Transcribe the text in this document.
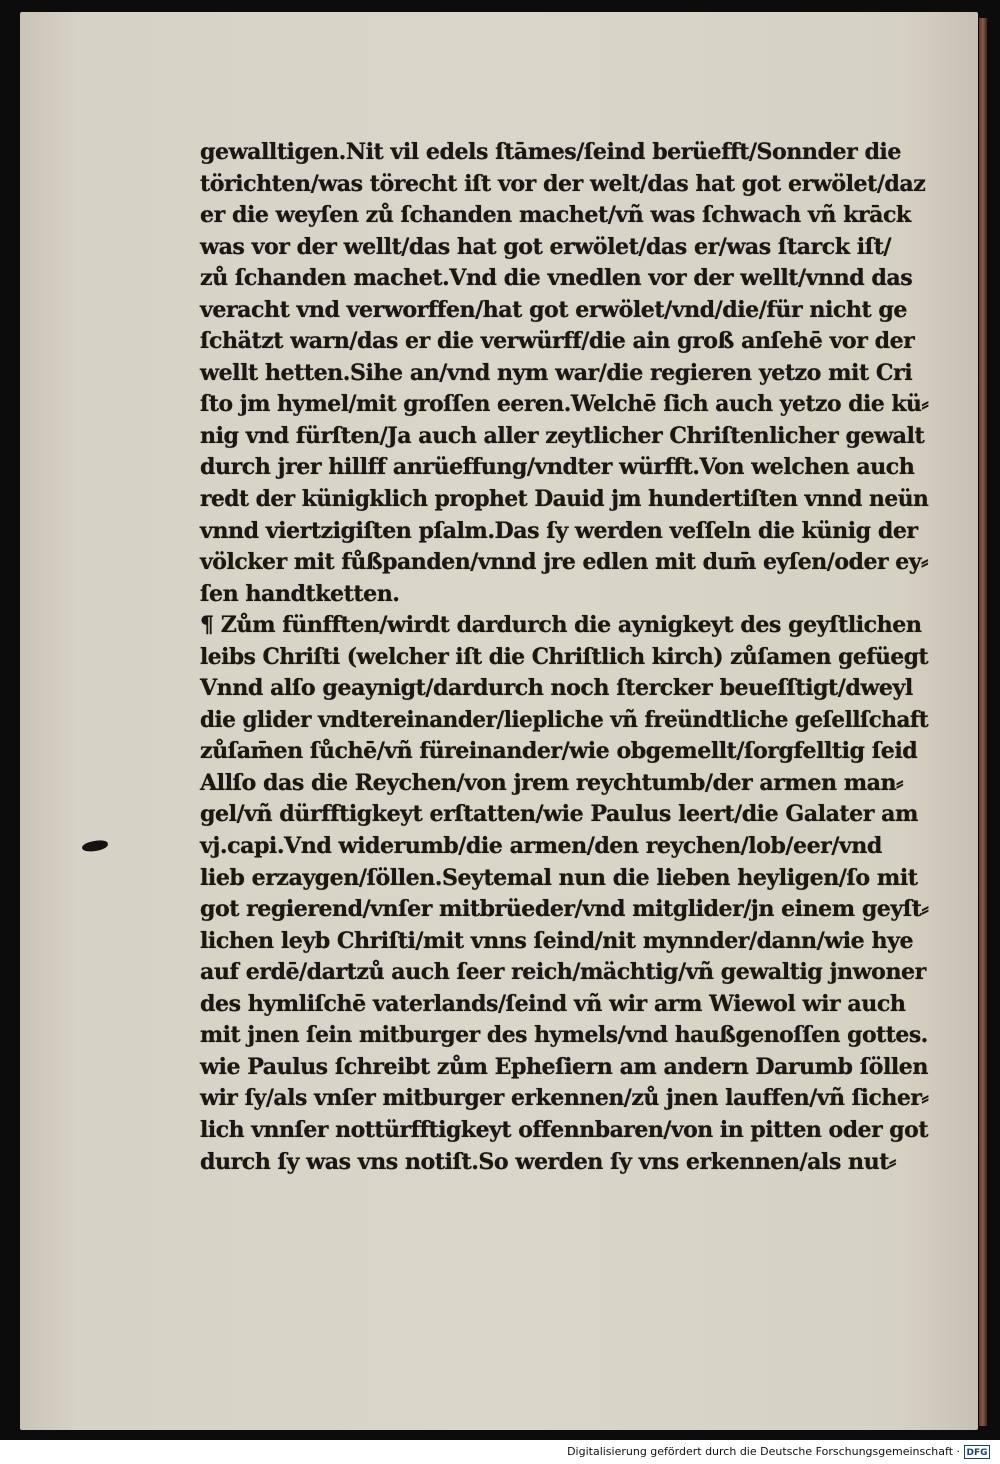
gewalltigen.Nit vil edels ſtāmes/ſeind berüefft/Sonnder die
törichten/was törecht iſt vor der welt/das hat got erwölet/daz
er die weyſen zů ſchanden machet/vñ was ſchwach vñ krāck
was vor der wellt/das hat got erwölet/das er/was ſtarck iſt/
zů ſchanden machet.Vnd die vnedlen vor der wellt/vnnd das
veracht vnd verworffen/hat got erwölet/vnd/die/für nicht ge
ſchätzt warn/das er die verwürff/die ain groß anſehē vor der
wellt hetten.Sihe an/vnd nym war/die regieren yetzo mit Cri
ſto jm hymel/mit groſſen eeren.Welchē ſich auch yetzo die kü⸗
nig vnd fürſten/Ja auch aller zeytlicher Chriſtenlicher gewalt
durch jrer hillff anrüeffung/vndter würfft.Von welchen auch
redt der künigklich prophet Dauid jm hundertiſten vnnd neün
vnnd viertzigiſten pſalm.Das ſy werden veſſeln die künig der
völcker mit fůßpanden/vnnd jre edlen mit dum̄ eyſen/oder ey⸗
ſen handtketten.
¶ Zům fünfften/wirdt dardurch die aynigkeyt des geyſtlichen
leibs Chriſti (welcher iſt die Chriſtlich kirch) zůſamen gefüegt
Vnnd alſo geaynigt/dardurch noch ſtercker beueſſtigt/dweyl
die glider vndtereinander/liepliche vñ freündtliche geſellſchaft
zůſam̄en ſůchē/vñ füreinander/wie obgemellt/ſorgfelltig ſeid
Allſo das die Reychen/von jrem reychtumb/der armen man⸗
gel/vñ dürfftigkeyt erſtatten/wie Paulus leert/die Galater am
vj.capi.Vnd widerumb/die armen/den reychen/lob/eer/vnd
lieb erzaygen/ſöllen.Seytemal nun die lieben heyligen/ſo mit
got regierend/vnſer mitbrüeder/vnd mitglider/jn einem geyſt⸗
lichen leyb Chriſti/mit vnns ſeind/nit mynnder/dann/wie hye
auf erdē/dartzů auch ſeer reich/mächtig/vñ gewaltig jnwoner
des hymliſchē vaterlands/ſeind vñ wir arm Wiewol wir auch
mit jnen ſein mitburger des hymels/vnd haußgenoſſen gottes.
wie Paulus ſchreibt zům Epheſiern am andern Darumb ſöllen
wir ſy/als vnſer mitburger erkennen/zů jnen lauffen/vñ ſicher⸗
lich vnnſer nottürfftigkeyt offennbaren/von in pitten oder got
durch ſy was vns notiſt.So werden ſy vns erkennen/als nut⸗
Digitalisierung gefördert durch die Deutsche Forschungsgemeinschaft · DFG
